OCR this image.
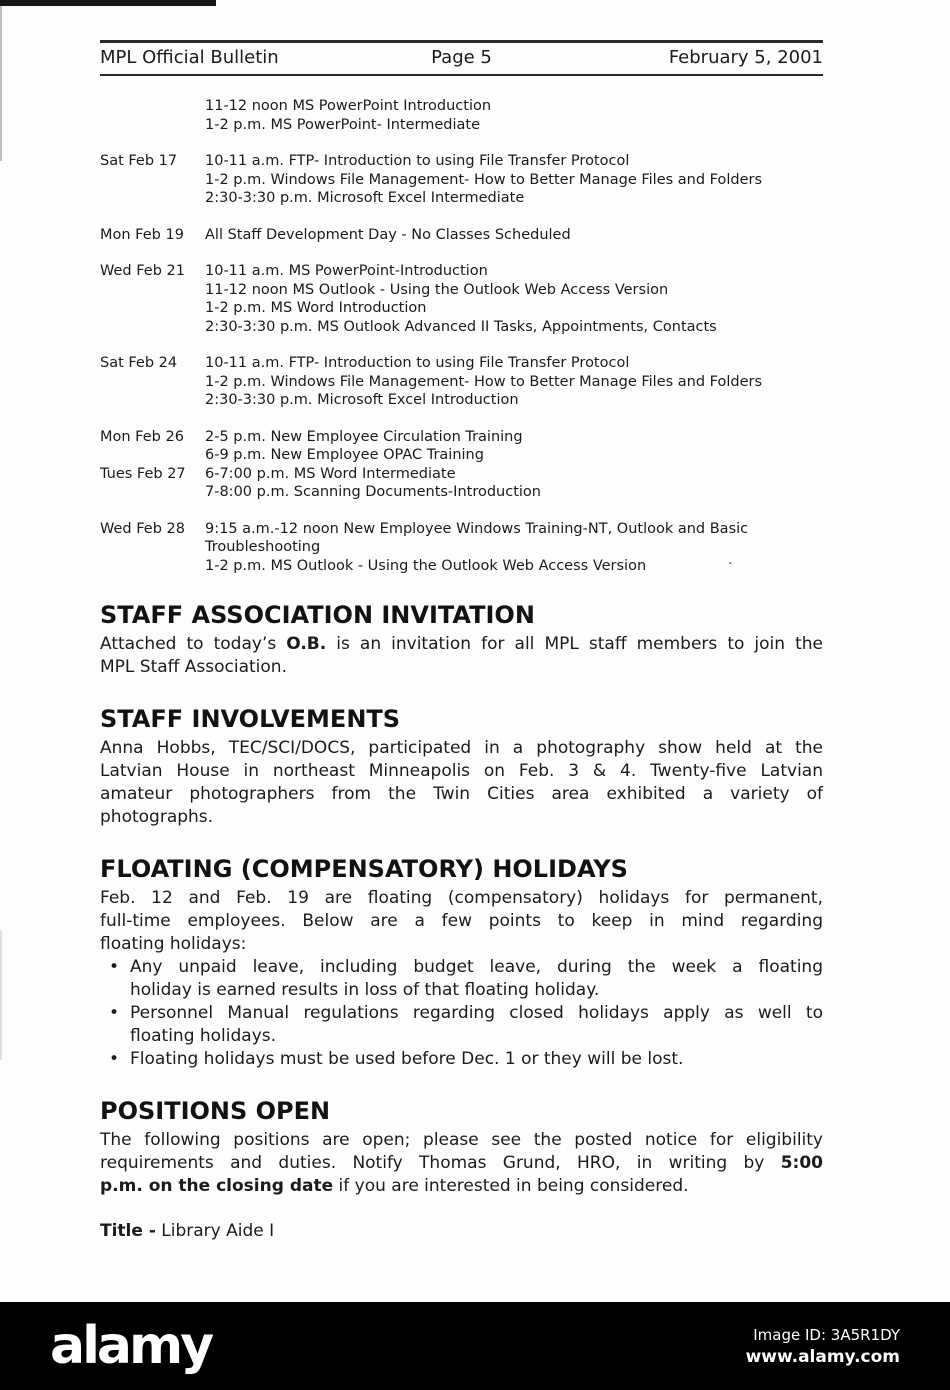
.
MPL Official Bulletin	Page 5	February 5, 2001
11-12 noon MS PowerPoint Introduction
1-2 p.m. MS PowerPoint- Intermediate
Sat Feb 17	10-11 a.m. FTP- Introduction to using File Transfer Protocol
1-2 p.m. Windows File Management- How to Better Manage Files and Folders
2:30-3:30 p.m. Microsoft Excel Intermediate
Mon Feb 19	All Staff Development Day - No Classes Scheduled
Wed Feb 21	10-11 a.m. MS PowerPoint-Introduction
11-12 noon MS Outlook - Using the Outlook Web Access Version
1-2 p.m. MS Word Introduction
2:30-3:30 p.m. MS Outlook Advanced II Tasks, Appointments, Contacts
Sat Feb 24	10-11 a.m. FTP- Introduction to using File Transfer Protocol
1-2 p.m. Windows File Management- How to Better Manage Files and Folders
2:30-3:30 p.m. Microsoft Excel Introduction
Mon Feb 26	2-5 p.m. New Employee Circulation Training
6-9 p.m. New Employee OPAC Training
Tues Feb 27	6-7:00 p.m. MS Word Intermediate
7-8:00 p.m. Scanning Documents-Introduction
Wed Feb 28	9:15 a.m.-12 noon New Employee Windows Training-NT, Outlook and Basic
Troubleshooting
1-2 p.m. MS Outlook - Using the Outlook Web Access Version
STAFF ASSOCIATION INVITATION
Attached to today’s O.B. is an invitation for all MPL staff members to join the
MPL Staff Association.
STAFF INVOLVEMENTS
Anna Hobbs, TEC/SCI/DOCS, participated in a photography show held at the
Latvian House in northeast Minneapolis on Feb. 3 & 4. Twenty-five Latvian
amateur photographers from the Twin Cities area exhibited a variety of
photographs.
FLOATING (COMPENSATORY) HOLIDAYS
Feb. 12 and Feb. 19 are floating (compensatory) holidays for permanent,
full-time employees. Below are a few points to keep in mind regarding
floating holidays:
• Any unpaid leave, including budget leave, during the week a floating
holiday is earned results in loss of that floating holiday.
• Personnel Manual regulations regarding closed holidays apply as well to
floating holidays.
• Floating holidays must be used before Dec. 1 or they will be lost.
POSITIONS OPEN
The following positions are open; please see the posted notice for eligibility
requirements and duties. Notify Thomas Grund, HRO, in writing by 5:00
p.m. on the closing date if you are interested in being considered.
Title - Library Aide I
alamy	Image ID: 3A5R1DY
www.alamy.com
